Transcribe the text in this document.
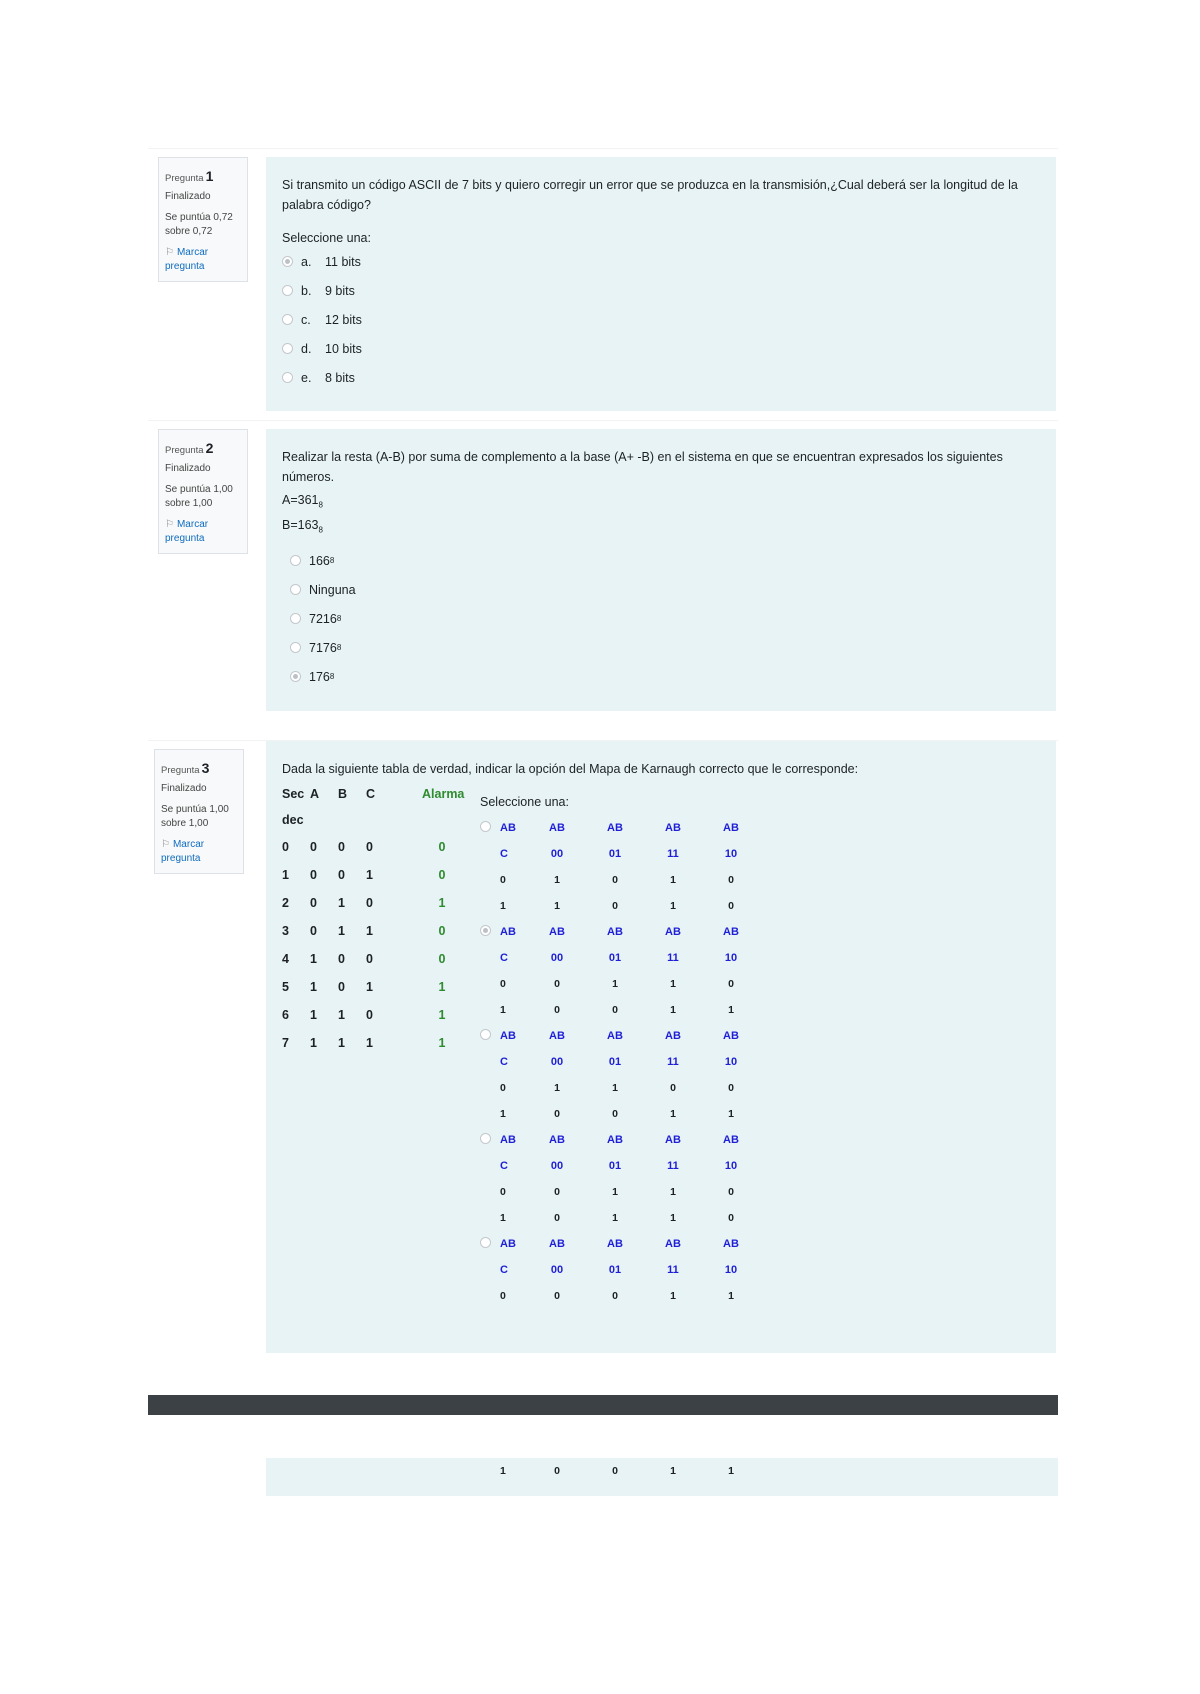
Pregunta 1
Finalizado
Se puntúa 0,72 sobre 0,72
⚐ Marcar pregunta
Si transmito un código ASCII de 7 bits y quiero corregir un error que se produzca en la transmisión,¿Cual deberá ser la longitud de la palabra código?
Seleccione una:
a.	11 bits
b.	9 bits
c.	12 bits
d.	10 bits
e.	8 bits
Pregunta 2
Finalizado
Se puntúa 1,00 sobre 1,00
⚐ Marcar pregunta
Realizar la resta (A-B) por suma de complemento a la base (A+ -B) en el sistema en que se encuentran expresados los siguientes números.
$A=361_8$
$B=163_8$
166 8
Ninguna
7216 8
7176 8
176 8
Pregunta 3
Finalizado
Se puntúa 1,00 sobre 1,00
⚐ Marcar pregunta
Dada la siguiente tabla de verdad, indicar la opción del Mapa de Karnaugh correcto que le corresponde:
Sec A	B	C	Alarma
dec
0	0	0	0	0
1	0	0	1	0
2	0	1	0	1
3	0	1	1	0
4	1	0	0	0
5	1	0	1	1
6	1	1	0	1
7	1	1	1	1
Seleccione una:
AB	AB	AB	AB	AB
C	00	01	11	10
0	1	0	1	0
1	1	0	1	0
AB	AB	AB	AB	AB
C	00	01	11	10
0	0	1	1	0
1	0	0	1	1
AB	AB	AB	AB	AB
C	00	01	11	10
0	1	1	0	0
1	0	0	1	1
AB	AB	AB	AB	AB
C	00	01	11	10
0	0	1	1	0
1	0	1	1	0
AB	AB	AB	AB	AB
C	00	01	11	10
0	0	0	1	1
1	0	0	1	1
